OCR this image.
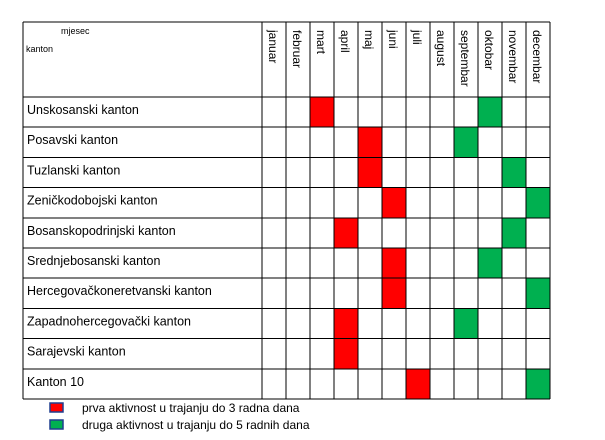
mjesec
kanton	januar februar mart april maj juni juli august septembar oktobar novembar decembar
Unskosanski kanton
Posavski kanton
Tuzlanski kanton
Zeničkodobojski kanton
Bosanskopodrinjski kanton
Srednjebosanski kanton
Hercegovačkoneretvanski kanton
Zapadnohercegovački kanton
Sarajevski kanton
Kanton 10
prva aktivnost u trajanju do 3 radna dana
druga aktivnost u trajanju do 5 radnih dana
